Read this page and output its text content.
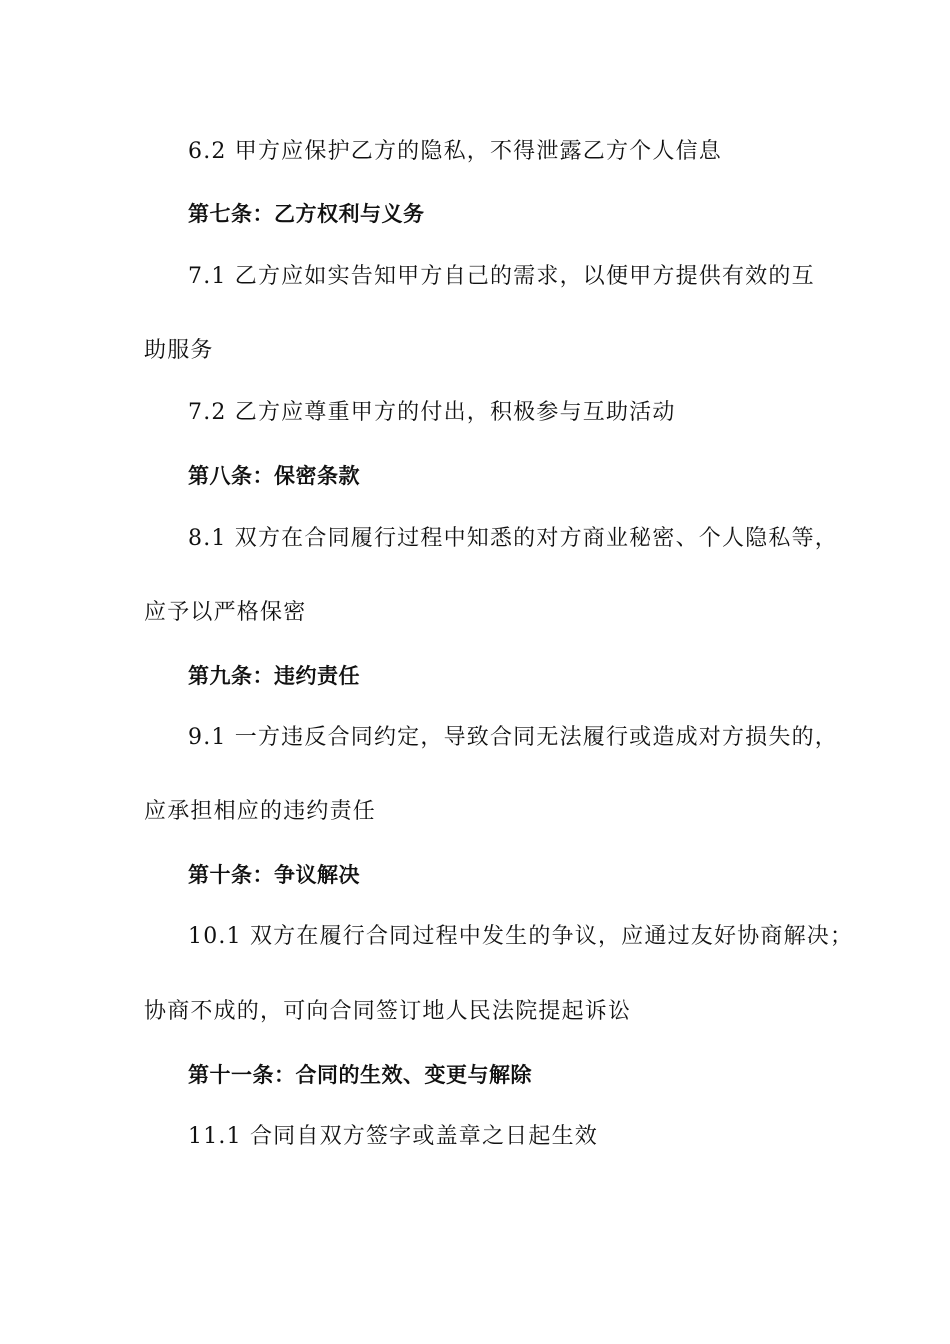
6.2 甲方应保护乙方的隐私，不得泄露乙方个人信息
第七条：乙方权利与义务
7.1 乙方应如实告知甲方自己的需求，以便甲方提供有效的互
助服务
7.2 乙方应尊重甲方的付出，积极参与互助活动
第八条：保密条款
8.1 双方在合同履行过程中知悉的对方商业秘密、个人隐私等，
应予以严格保密
第九条：违约责任
9.1 一方违反合同约定，导致合同无法履行或造成对方损失的，
应承担相应的违约责任
第十条：争议解决
10.1 双方在履行合同过程中发生的争议，应通过友好协商解决；
协商不成的，可向合同签订地人民法院提起诉讼
第十一条：合同的生效、变更与解除
11.1 合同自双方签字或盖章之日起生效
